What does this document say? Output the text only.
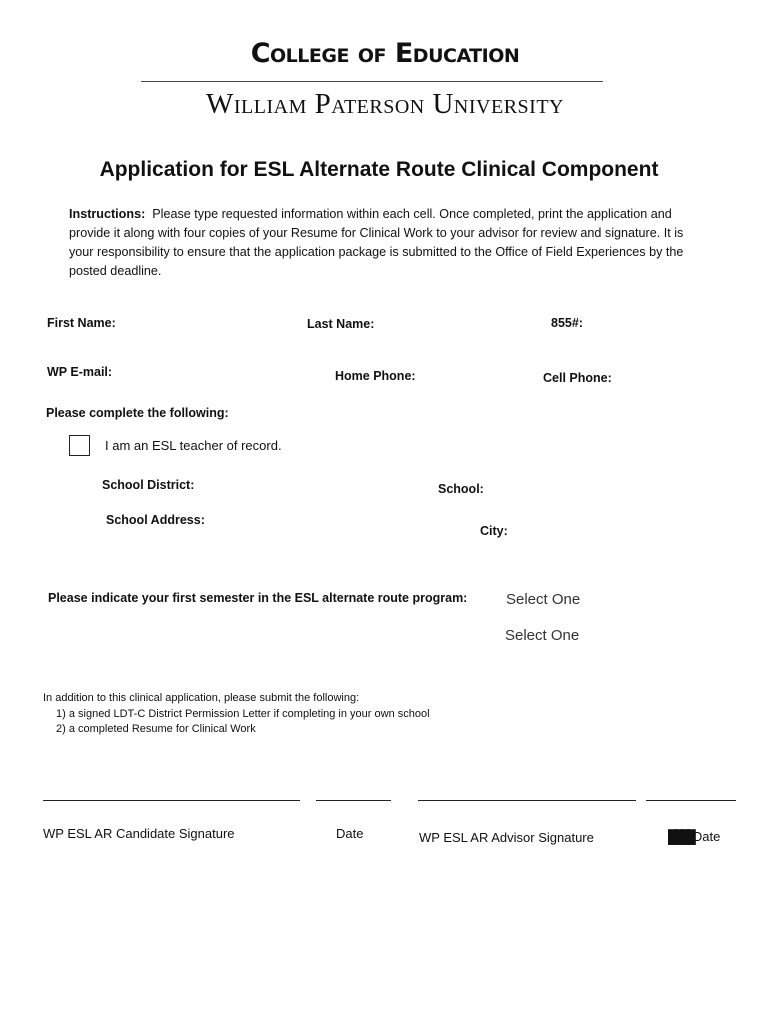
College of Education
William Paterson University
Application for ESL Alternate Route Clinical Component
Instructions: Please type requested information within each cell. Once completed, print the application and provide it along with four copies of your Resume for Clinical Work to your advisor for review and signature. It is your responsibility to ensure that the application package is submitted to the Office of Field Experiences by the posted deadline.
First Name:	Last Name:	855#:
WP E-mail:	Home Phone:	Cell Phone:
Please complete the following:
I am an ESL teacher of record.
School District:	School:
School Address:
City:
Please indicate your first semester in the ESL alternate route program:	Select One
Select One
In addition to this clinical application, please submit the following:
1) a signed LDT-C District Permission Letter if completing in your own school
2) a completed Resume for Clinical Work
WP ESL AR Candidate Signature	Date	WP ESL AR Advisor Signature	████Date
